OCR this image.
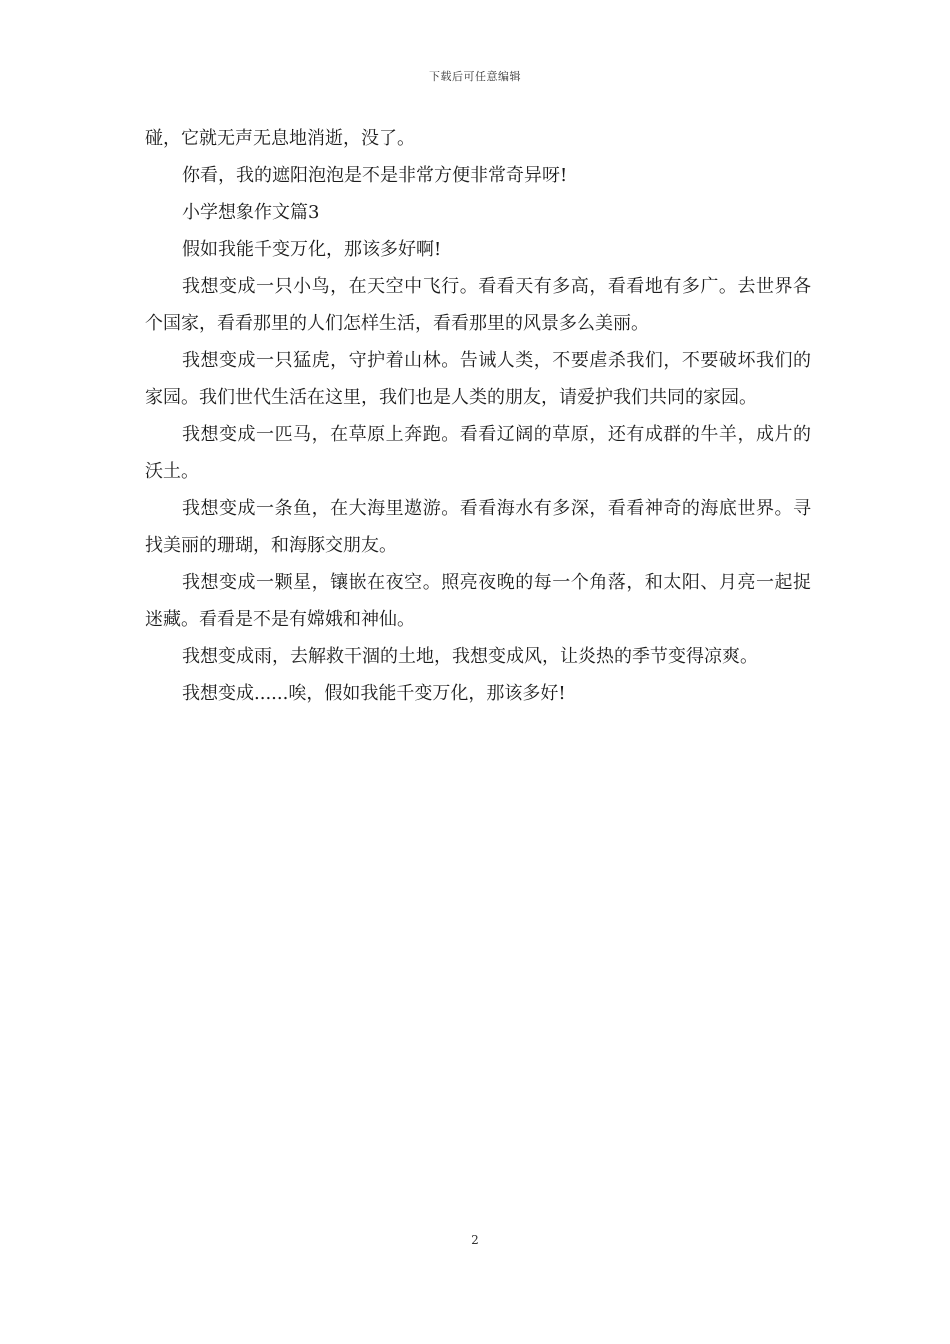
下载后可任意编辑

碰，它就无声无息地消逝，没了。

你看，我的遮阳泡泡是不是非常方便非常奇异呀!

小学想象作文篇3

假如我能千变万化，那该多好啊!

我想变成一只小鸟，在天空中飞行。看看天有多高，看看地有多广。去世界各个国家，看看那里的人们怎样生活，看看那里的风景多么美丽。

我想变成一只猛虎，守护着山林。告诫人类，不要虐杀我们，不要破坏我们的家园。我们世代生活在这里，我们也是人类的朋友，请爱护我们共同的家园。

我想变成一匹马，在草原上奔跑。看看辽阔的草原，还有成群的牛羊，成片的沃土。

我想变成一条鱼，在大海里遨游。看看海水有多深，看看神奇的海底世界。寻找美丽的珊瑚，和海豚交朋友。

我想变成一颗星，镶嵌在夜空。照亮夜晚的每一个角落，和太阳、月亮一起捉迷藏。看看是不是有嫦娥和神仙。

我想变成雨，去解救干涸的土地，我想变成风，让炎热的季节变得凉爽。

我想变成......唉，假如我能千变万化，那该多好!

2
